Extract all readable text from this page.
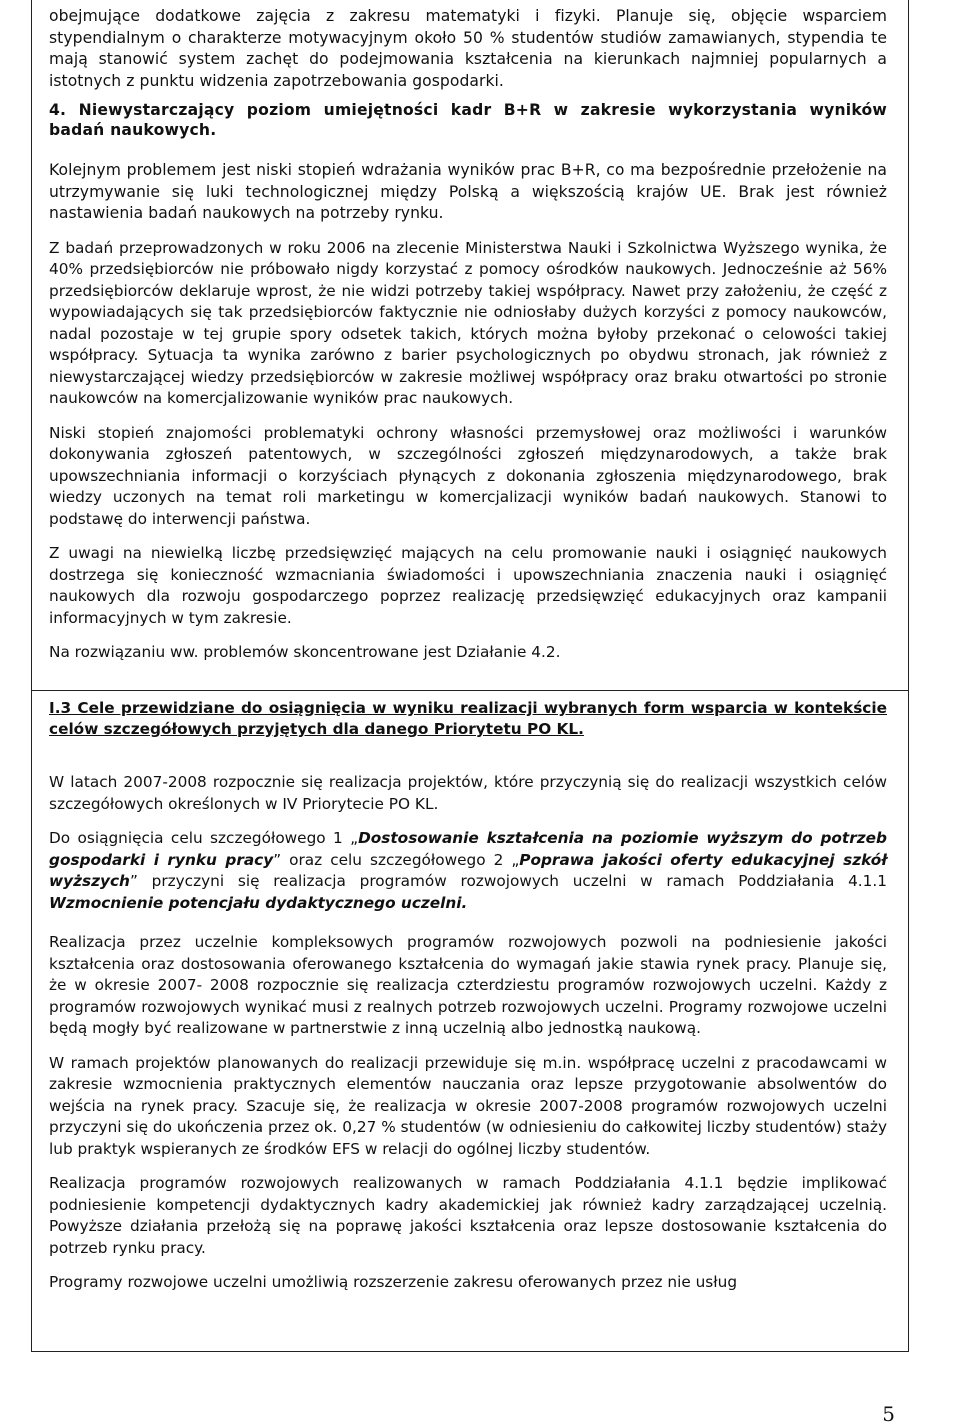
obejmujące dodatkowe zajęcia z zakresu matematyki i fizyki. Planuje się, objęcie wsparciem stypendialnym o charakterze motywacyjnym około 50 % studentów studiów zamawianych, stypendia te mają stanowić system zachęt do podejmowania kształcenia na kierunkach najmniej popularnych a istotnych z punktu widzenia zapotrzebowania gospodarki.

4. Niewystarczający poziom umiejętności kadr B+R w zakresie wykorzystania wyników badań naukowych.

Kolejnym problemem jest niski stopień wdrażania wyników prac B+R, co ma bezpośrednie przełożenie na utrzymywanie się luki technologicznej między Polską a większością krajów UE. Brak jest również nastawienia badań naukowych na potrzeby rynku.

Z badań przeprowadzonych w roku 2006 na zlecenie Ministerstwa Nauki i Szkolnictwa Wyższego wynika, że 40% przedsiębiorców nie próbowało nigdy korzystać z pomocy ośrodków naukowych. Jednocześnie aż 56% przedsiębiorców deklaruje wprost, że nie widzi potrzeby takiej współpracy. Nawet przy założeniu, że część z wypowiadających się tak przedsiębiorców faktycznie nie odniosłaby dużych korzyści z pomocy naukowców, nadal pozostaje w tej grupie spory odsetek takich, których można byłoby przekonać o celowości takiej współpracy. Sytuacja ta wynika zarówno z barier psychologicznych po obydwu stronach, jak również z niewystarczającej wiedzy przedsiębiorców w zakresie możliwej współpracy oraz braku otwartości po stronie naukowców na komercjalizowanie wyników prac naukowych.

Niski stopień znajomości problematyki ochrony własności przemysłowej oraz możliwości i warunków dokonywania zgłoszeń patentowych, w szczególności zgłoszeń międzynarodowych, a także brak upowszechniania informacji o korzyściach płynących z dokonania zgłoszenia międzynarodowego, brak wiedzy uczonych na temat roli marketingu w komercjalizacji wyników badań naukowych. Stanowi to podstawę do interwencji państwa.

Z uwagi na niewielką liczbę przedsięwzięć mających na celu promowanie nauki i osiągnięć naukowych dostrzega się konieczność wzmacniania świadomości i upowszechniania znaczenia nauki i osiągnięć naukowych dla rozwoju gospodarczego poprzez realizację przedsięwzięć edukacyjnych oraz kampanii informacyjnych w tym zakresie.

Na rozwiązaniu ww. problemów skoncentrowane jest Działanie 4.2.

I.3 Cele przewidziane do osiągnięcia w wyniku realizacji wybranych form wsparcia w kontekście celów szczegółowych przyjętych dla danego Priorytetu PO KL.

W latach 2007-2008 rozpocznie się realizacja projektów, które przyczynią się do realizacji wszystkich celów szczegółowych określonych w IV Priorytecie PO KL.

Do osiągnięcia celu szczegółowego 1 „Dostosowanie kształcenia na poziomie wyższym do potrzeb gospodarki i rynku pracy” oraz celu szczegółowego 2 „Poprawa jakości oferty edukacyjnej szkół wyższych” przyczyni się realizacja programów rozwojowych uczelni w ramach Poddziałania 4.1.1 Wzmocnienie potencjału dydaktycznego uczelni.

Realizacja przez uczelnie kompleksowych programów rozwojowych pozwoli na podniesienie jakości kształcenia oraz dostosowania oferowanego kształcenia do wymagań jakie stawia rynek pracy. Planuje się, że w okresie 2007- 2008 rozpocznie się realizacja czterdziestu programów rozwojowych uczelni. Każdy z programów rozwojowych wynikać musi z realnych potrzeb rozwojowych uczelni. Programy rozwojowe uczelni będą mogły być realizowane w partnerstwie z inną uczelnią albo jednostką naukową.

W ramach projektów planowanych do realizacji przewiduje się m.in. współpracę uczelni z pracodawcami w zakresie wzmocnienia praktycznych elementów nauczania oraz lepsze przygotowanie absolwentów do wejścia na rynek pracy. Szacuje się, że realizacja w okresie 2007-2008 programów rozwojowych uczelni przyczyni się do ukończenia przez ok. 0,27 % studentów (w odniesieniu do całkowitej liczby studentów) staży lub praktyk wspieranych ze środków EFS w relacji do ogólnej liczby studentów.

Realizacja programów rozwojowych realizowanych w ramach Poddziałania 4.1.1 będzie implikować podniesienie kompetencji dydaktycznych kadry akademickiej jak również kadry zarządzającej uczelnią. Powyższe działania przełożą się na poprawę jakości kształcenia oraz lepsze dostosowanie kształcenia do potrzeb rynku pracy.

Programy rozwojowe uczelni umożliwią rozszerzenie zakresu oferowanych przez nie usług

5
